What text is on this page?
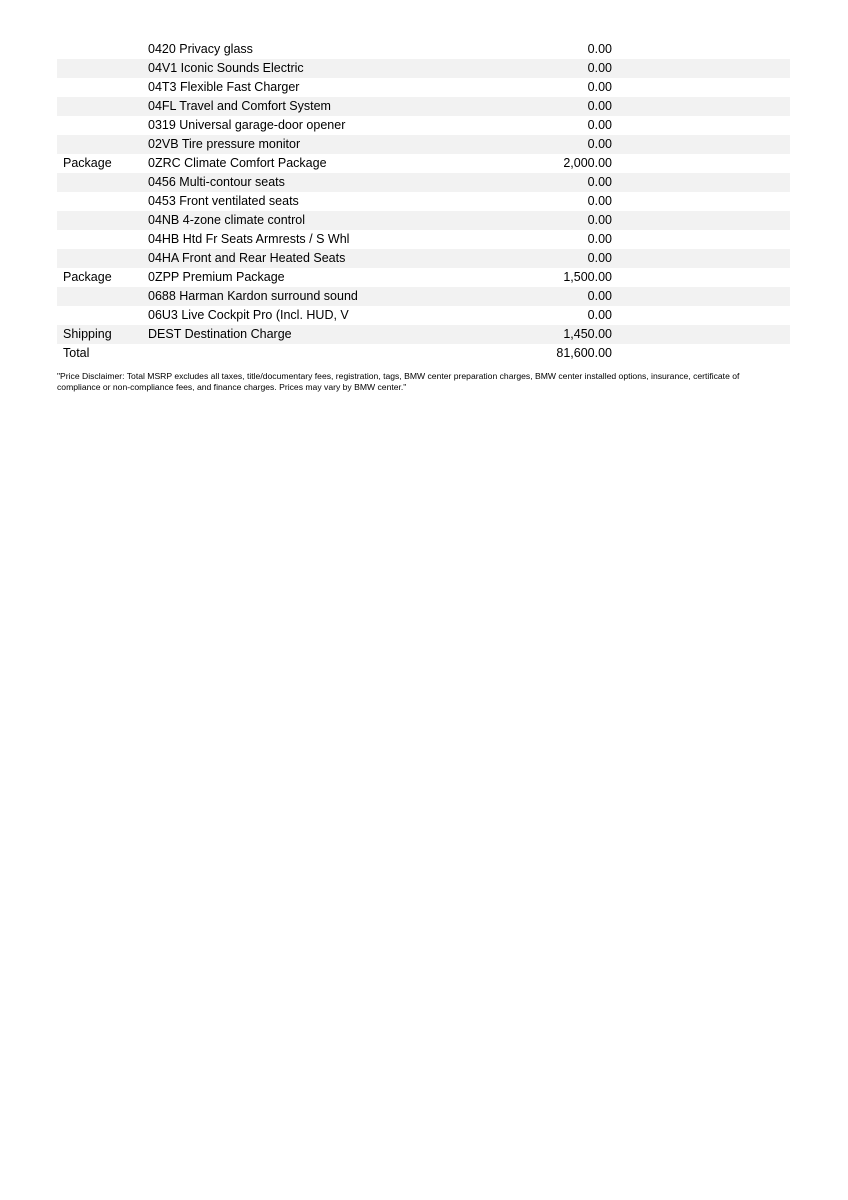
0420 Privacy glass	0.00
04V1 Iconic Sounds Electric	0.00
04T3 Flexible Fast Charger	0.00
04FL Travel and Comfort System	0.00
0319 Universal garage-door opener	0.00
02VB Tire pressure monitor	0.00
Package	0ZRC Climate Comfort Package	2,000.00
0456 Multi-contour seats	0.00
0453 Front ventilated seats	0.00
04NB 4-zone climate control	0.00
04HB Htd Fr Seats Armrests / S Whl	0.00
04HA Front and Rear Heated Seats	0.00
Package	0ZPP Premium Package	1,500.00
0688 Harman Kardon surround sound	0.00
06U3 Live Cockpit Pro (Incl. HUD, V	0.00
Shipping	DEST Destination Charge	1,450.00
Total	81,600.00
"Price Disclaimer: Total MSRP excludes all taxes, title/documentary fees, registration, tags, BMW center preparation charges, BMW center installed options, insurance, certificate of compliance or non-compliance fees, and finance charges. Prices may vary by BMW center."
